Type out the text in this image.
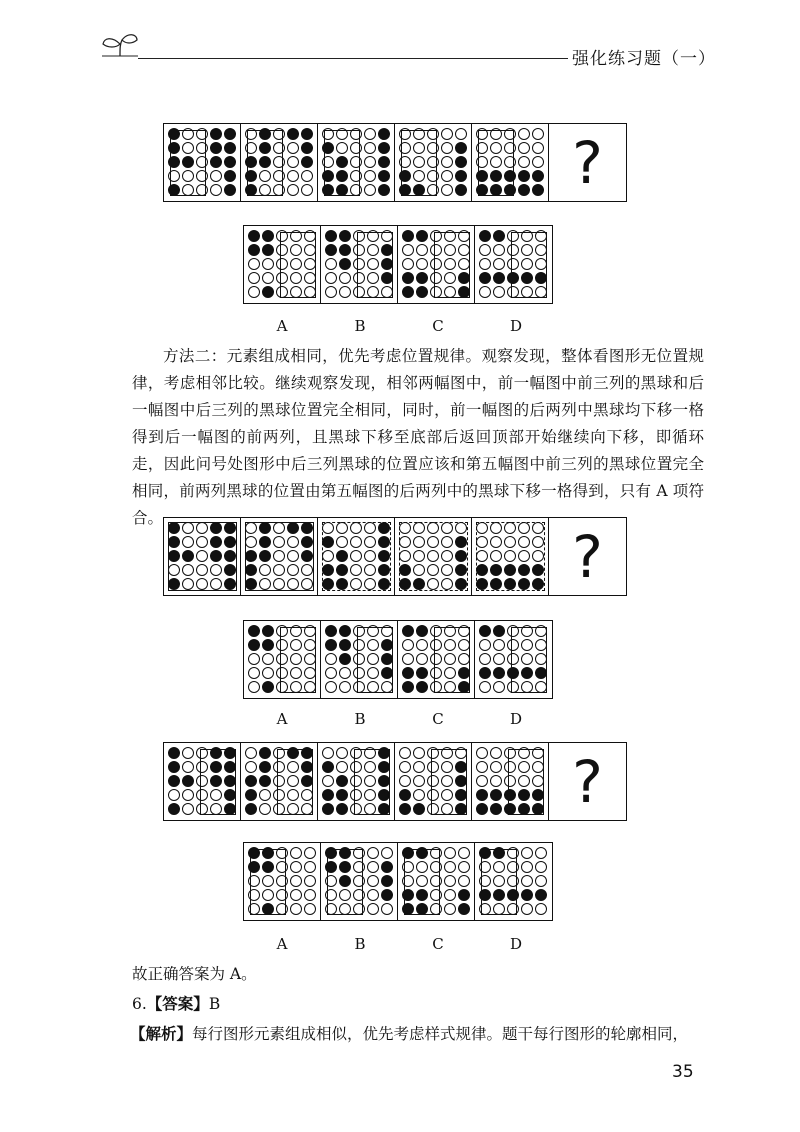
强化练习题（一）
?
A	B	C	D
方法二：元素组成相同，优先考虑位置规律。观察发现，整体看图形无位置规律，考虑相邻比较。继续观察发现，相邻两幅图中，前一幅图中前三列的黑球和后一幅图中后三列的黑球位置完全相同，同时，前一幅图的后两列中黑球均下移一格得到后一幅图的前两列，且黑球下移至底部后返回顶部开始继续向下移，即循环走，因此问号处图形中后三列黑球的位置应该和第五幅图中前三列的黑球位置完全相同，前两列黑球的位置由第五幅图的后两列中的黑球下移一格得到，只有 A 项符合。
?
A	B	C	D
?
A	B	C	D
故正确答案为 A。
6.【答案】B
【解析】每行图形元素组成相似，优先考虑样式规律。题干每行图形的轮廓相同，
35
